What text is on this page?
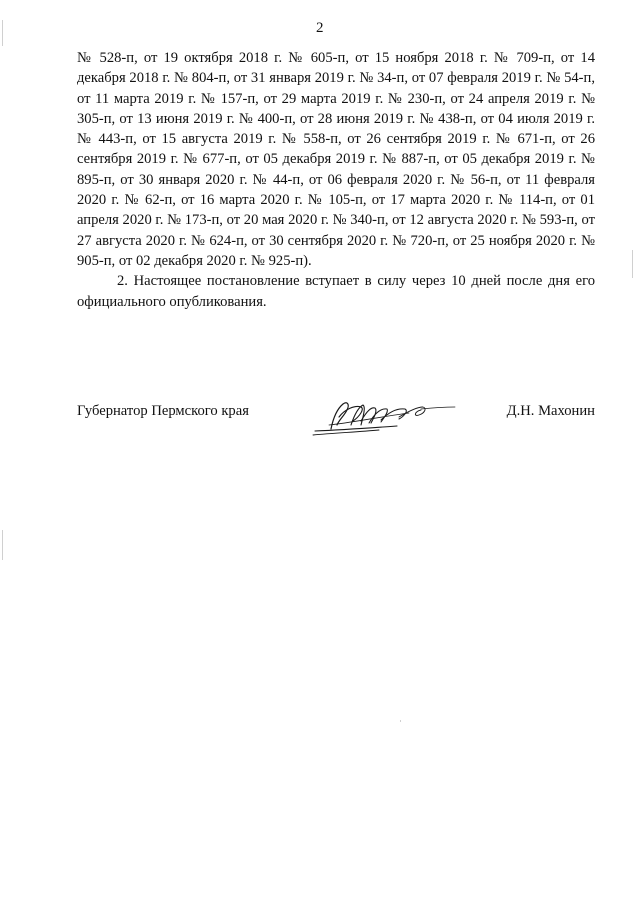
2

№ 528-п, от 19 октября 2018 г. № 605-п, от 15 ноября 2018 г. № 709-п, от 14 декабря 2018 г. № 804-п, от 31 января 2019 г. № 34-п, от 07 февраля 2019 г. № 54-п, от 11 марта 2019 г. № 157-п, от 29 марта 2019 г. № 230-п, от 24 апреля 2019 г. № 305-п, от 13 июня 2019 г. № 400-п, от 28 июня 2019 г. № 438-п, от 04 июля 2019 г. № 443-п, от 15 августа 2019 г. № 558-п, от 26 сентября 2019 г. № 671-п, от 26 сентября 2019 г. № 677-п, от 05 декабря 2019 г. № 887-п, от 05 декабря 2019 г. № 895-п, от 30 января 2020 г. № 44-п, от 06 февраля 2020 г. № 56-п, от 11 февраля 2020 г. № 62-п, от 16 марта 2020 г. № 105-п, от 17 марта 2020 г. № 114-п, от 01 апреля 2020 г. № 173-п, от 20 мая 2020 г. № 340-п, от 12 августа 2020 г. № 593-п, от 27 августа 2020 г. № 624-п, от 30 сентября 2020 г. № 720-п, от 25 ноября 2020 г. № 905-п, от 02 декабря 2020 г. № 925-п).

2. Настоящее постановление вступает в силу через 10 дней после дня его официального опубликования.

Губернатор Пермского края	Д.Н. Махонин
